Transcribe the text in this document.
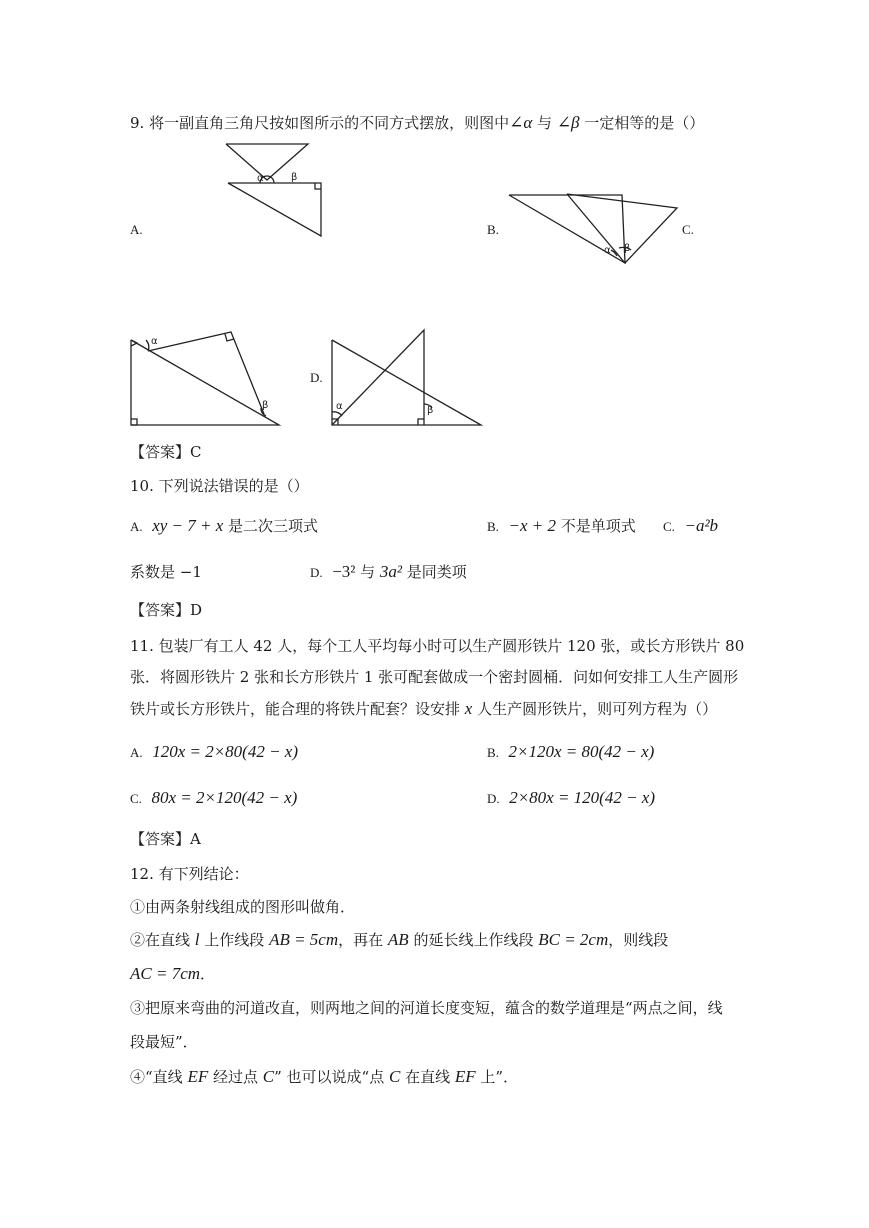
9. 将一副直角三角尺按如图所示的不同方式摆放，则图中∠α 与 ∠β 一定相等的是（）
α	β
A.
α β
B.	C.
α
β
D.
α	β
【答案】C
10. 下列说法错误的是（）
A. xy − 7 + x 是二次三项式	B. −x + 2 不是单项式 C. −a²b
系数是 −1	D. −3² 与 3a² 是同类项
【答案】D
11. 包装厂有工人 42 人，每个工人平均每小时可以生产圆形铁片 120 张，或长方形铁片 80
张．将圆形铁片 2 张和长方形铁片 1 张可配套做成一个密封圆桶．问如何安排工人生产圆形
铁片或长方形铁片，能合理的将铁片配套？设安排 x 人生产圆形铁片，则可列方程为（）
A. 120x = 2×80(42 − x)	B. 2×120x = 80(42 − x)
C. 80x = 2×120(42 − x)	D. 2×80x = 120(42 − x)
【答案】A
12. 有下列结论：
①由两条射线组成的图形叫做角．
②在直线 l 上作线段 AB = 5cm，再在 AB 的延长线上作线段 BC = 2cm，则线段
AC = 7cm．
③把原来弯曲的河道改直，则两地之间的河道长度变短，蕴含的数学道理是“两点之间，线
段最短”．
④“直线 EF 经过点 C” 也可以说成“点 C 在直线 EF 上”．
